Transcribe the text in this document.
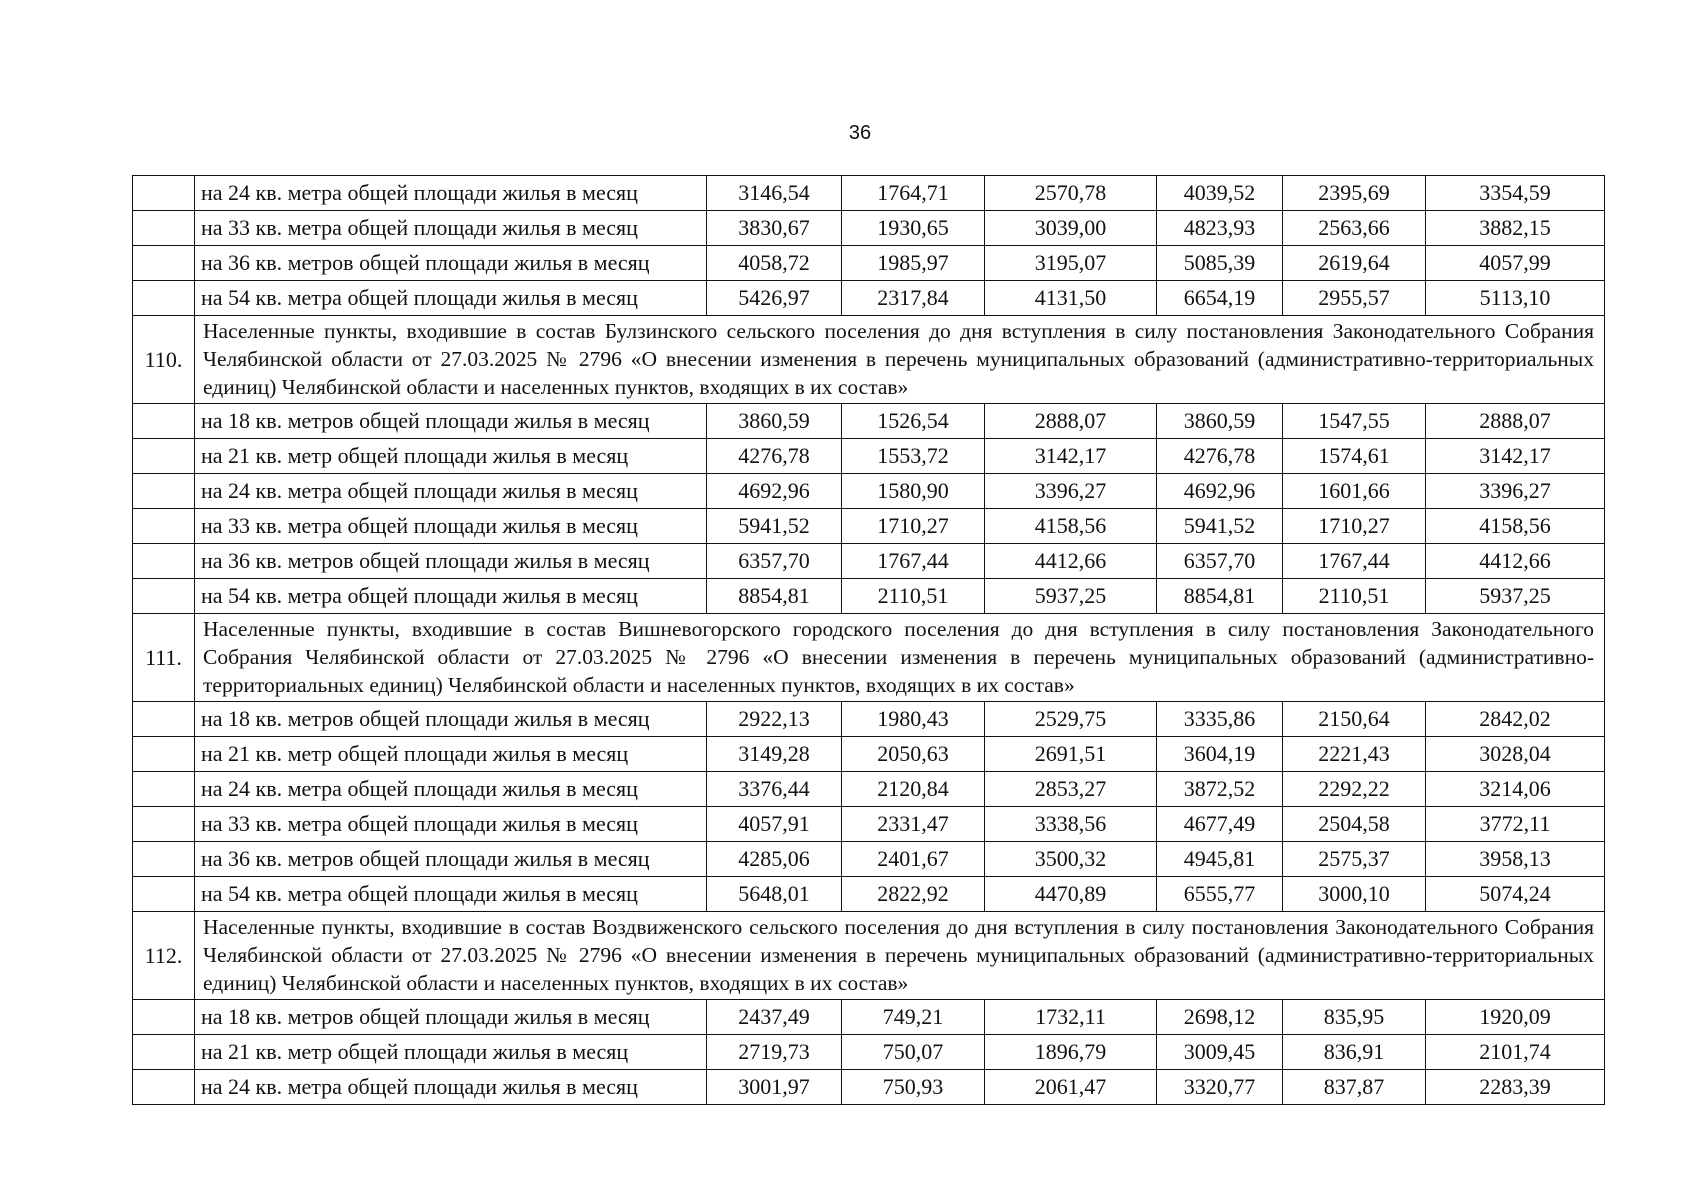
36
	на 24 кв. метра общей площади жилья в месяц	3146,54	1764,71	2570,78	4039,52	2395,69	3354,59
	на 33 кв. метра общей площади жилья в месяц	3830,67	1930,65	3039,00	4823,93	2563,66	3882,15
	на 36 кв. метров общей площади жилья в месяц	4058,72	1985,97	3195,07	5085,39	2619,64	4057,99
	на 54 кв. метра общей площади жилья в месяц	5426,97	2317,84	4131,50	6654,19	2955,57	5113,10
110.	Населенные пункты, входившие в состав Булзинского сельского поселения до дня вступления в силу постановления Законодательного Собрания Челябинской области от 27.03.2025 № 2796 «О внесении изменения в перечень муниципальных образований (административно-территориальных единиц) Челябинской области и населенных пунктов, входящих в их состав»						
	на 18 кв. метров общей площади жилья в месяц	3860,59	1526,54	2888,07	3860,59	1547,55	2888,07
	на 21 кв. метр общей площади жилья в месяц	4276,78	1553,72	3142,17	4276,78	1574,61	3142,17
	на 24 кв. метра общей площади жилья в месяц	4692,96	1580,90	3396,27	4692,96	1601,66	3396,27
	на 33 кв. метра общей площади жилья в месяц	5941,52	1710,27	4158,56	5941,52	1710,27	4158,56
	на 36 кв. метров общей площади жилья в месяц	6357,70	1767,44	4412,66	6357,70	1767,44	4412,66
	на 54 кв. метра общей площади жилья в месяц	8854,81	2110,51	5937,25	8854,81	2110,51	5937,25
111.	Населенные пункты, входившие в состав Вишневогорского городского поселения до дня вступления в силу постановления Законодательного Собрания Челябинской области от 27.03.2025 № 2796 «О внесении изменения в перечень муниципальных образований (административно-территориальных единиц) Челябинской области и населенных пунктов, входящих в их состав»						
	на 18 кв. метров общей площади жилья в месяц	2922,13	1980,43	2529,75	3335,86	2150,64	2842,02
	на 21 кв. метр общей площади жилья в месяц	3149,28	2050,63	2691,51	3604,19	2221,43	3028,04
	на 24 кв. метра общей площади жилья в месяц	3376,44	2120,84	2853,27	3872,52	2292,22	3214,06
	на 33 кв. метра общей площади жилья в месяц	4057,91	2331,47	3338,56	4677,49	2504,58	3772,11
	на 36 кв. метров общей площади жилья в месяц	4285,06	2401,67	3500,32	4945,81	2575,37	3958,13
	на 54 кв. метра общей площади жилья в месяц	5648,01	2822,92	4470,89	6555,77	3000,10	5074,24
112.	Населенные пункты, входившие в состав Воздвиженского сельского поселения до дня вступления в силу постановления Законодательного Собрания Челябинской области от 27.03.2025 № 2796 «О внесении изменения в перечень муниципальных образований (административно-территориальных единиц) Челябинской области и населенных пунктов, входящих в их состав»						
	на 18 кв. метров общей площади жилья в месяц	2437,49	749,21	1732,11	2698,12	835,95	1920,09
	на 21 кв. метр общей площади жилья в месяц	2719,73	750,07	1896,79	3009,45	836,91	2101,74
	на 24 кв. метра общей площади жилья в месяц	3001,97	750,93	2061,47	3320,77	837,87	2283,39
